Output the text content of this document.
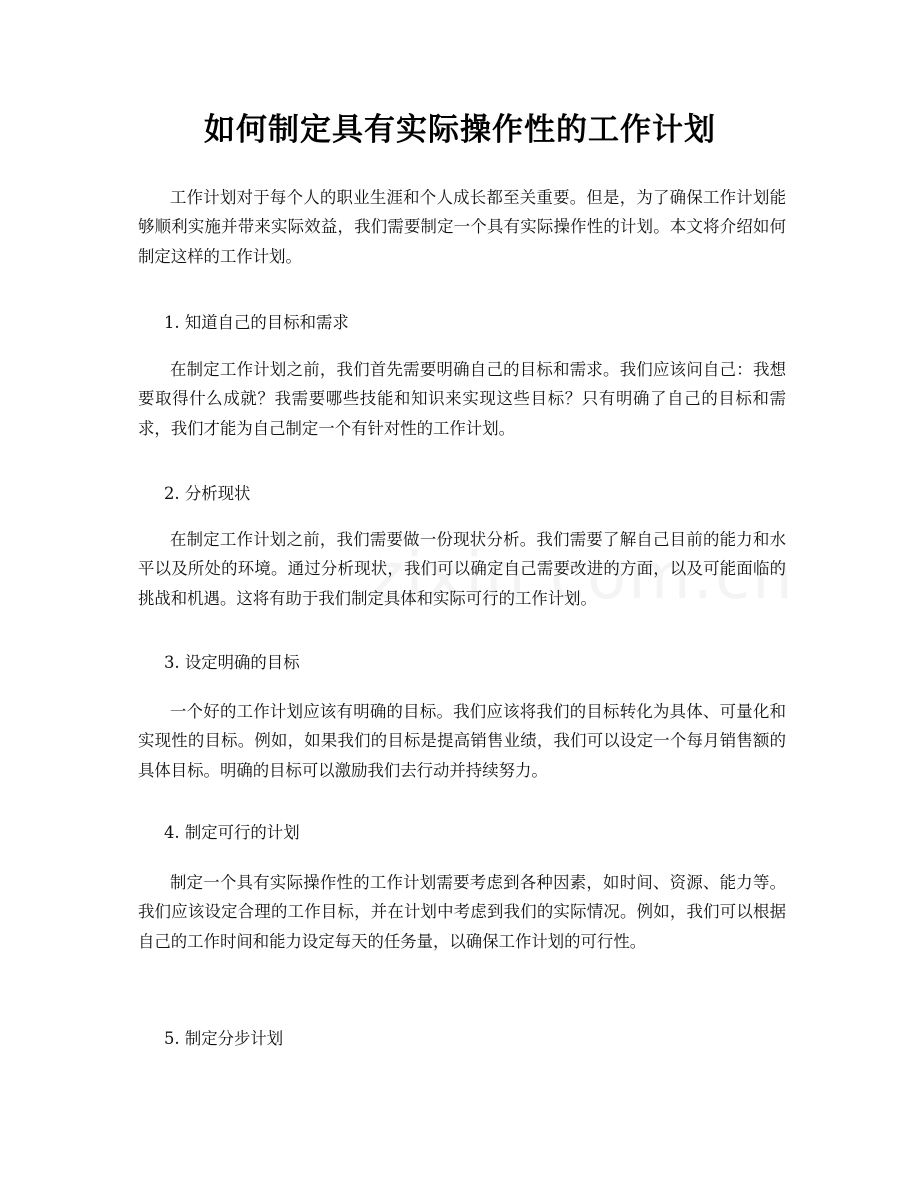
如何制定具有实际操作性的工作计划

工作计划对于每个人的职业生涯和个人成长都至关重要。但是，为了确保工作计划能够顺利实施并带来实际效益，我们需要制定一个具有实际操作性的计划。本文将介绍如何制定这样的工作计划。

1. 知道自己的目标和需求

在制定工作计划之前，我们首先需要明确自己的目标和需求。我们应该问自己：我想要取得什么成就？我需要哪些技能和知识来实现这些目标？只有明确了自己的目标和需求，我们才能为自己制定一个有针对性的工作计划。

2. 分析现状

在制定工作计划之前，我们需要做一份现状分析。我们需要了解自己目前的能力和水平以及所处的环境。通过分析现状，我们可以确定自己需要改进的方面，以及可能面临的挑战和机遇。这将有助于我们制定具体和实际可行的工作计划。

3. 设定明确的目标

一个好的工作计划应该有明确的目标。我们应该将我们的目标转化为具体、可量化和实现性的目标。例如，如果我们的目标是提高销售业绩，我们可以设定一个每月销售额的具体目标。明确的目标可以激励我们去行动并持续努力。

4. 制定可行的计划

制定一个具有实际操作性的工作计划需要考虑到各种因素，如时间、资源、能力等。我们应该设定合理的工作目标，并在计划中考虑到我们的实际情况。例如，我们可以根据自己的工作时间和能力设定每天的任务量，以确保工作计划的可行性。

5. 制定分步计划
